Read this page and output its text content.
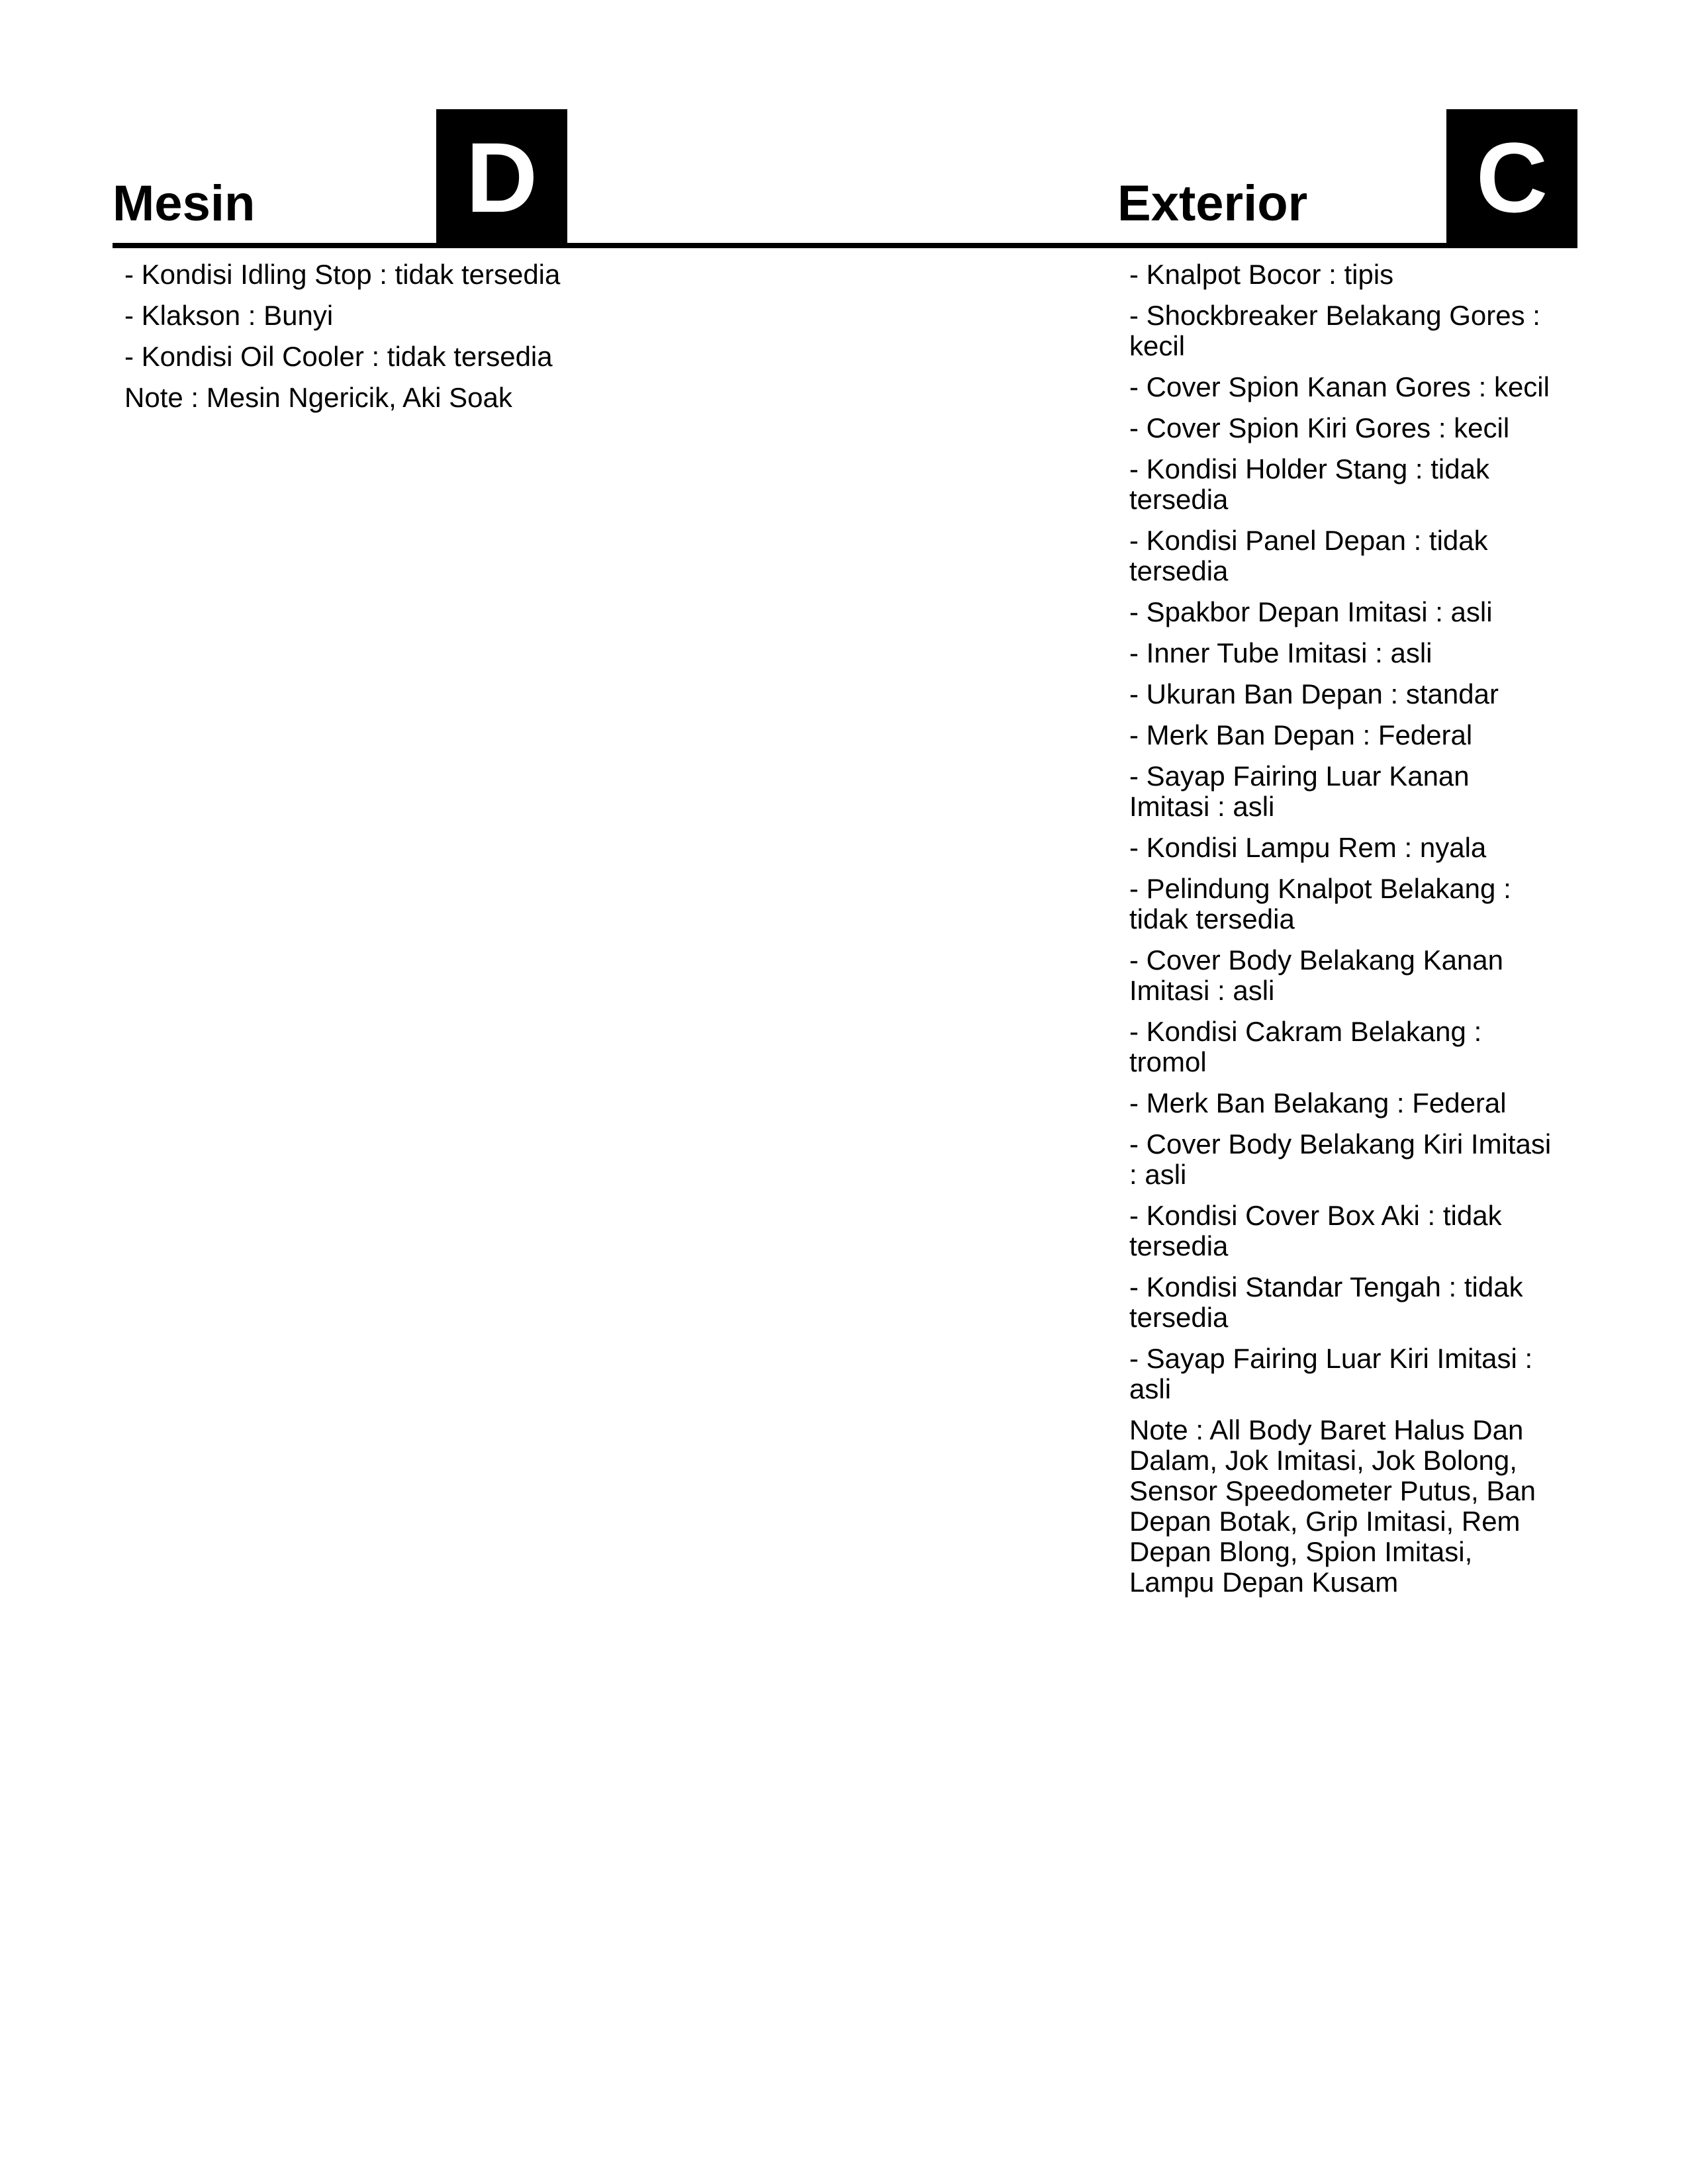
Mesin D
- Kondisi Idling Stop : tidak tersedia
- Klakson : Bunyi
- Kondisi Oil Cooler : tidak tersedia
Note : Mesin Ngericik, Aki Soak
Exterior C
- Knalpot Bocor : tipis
- Shockbreaker Belakang Gores : kecil
- Cover Spion Kanan Gores : kecil
- Cover Spion Kiri Gores : kecil
- Kondisi Holder Stang : tidak tersedia
- Kondisi Panel Depan : tidak tersedia
- Spakbor Depan Imitasi : asli
- Inner Tube Imitasi : asli
- Ukuran Ban Depan : standar
- Merk Ban Depan : Federal
- Sayap Fairing Luar Kanan Imitasi : asli
- Kondisi Lampu Rem : nyala
- Pelindung Knalpot Belakang : tidak tersedia
- Cover Body Belakang Kanan Imitasi : asli
- Kondisi Cakram Belakang : tromol
- Merk Ban Belakang : Federal
- Cover Body Belakang Kiri Imitasi : asli
- Kondisi Cover Box Aki : tidak tersedia
- Kondisi Standar Tengah : tidak tersedia
- Sayap Fairing Luar Kiri Imitasi : asli
Note : All Body Baret Halus Dan Dalam, Jok Imitasi, Jok Bolong, Sensor Speedometer Putus, Ban Depan Botak, Grip Imitasi, Rem Depan Blong, Spion Imitasi, Lampu Depan Kusam
